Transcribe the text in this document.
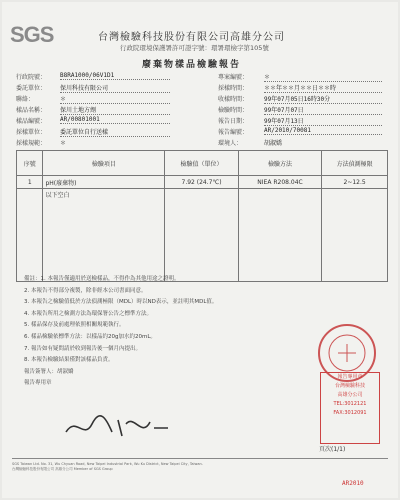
SGS	台灣檢驗科技股份有限公司高雄分公司
行政院環境保護署許可證字號：環署環檢字第105號
廢棄物樣品檢驗報告
行政院號： B8RA1000/06V1D1
委託單位： 保川科技有限公司
聯絡：	＊
樣品名稱： 保川土地方劑
樣品編號： AR/00801001
採樣單位： 委託單位自行送樣
採樣規範： ＊
專案編號：	＊
採樣時間：	＊＊年＊＊月＊＊日＊＊時
收樣時間：	99年07月05日16時30分
檢驗時間：	99年07月07日
報告日期：	99年07月13日
報告編號：	AR/2010/70081
環境人：	胡淑嬌
序號	檢驗項目	檢驗值（單位）	檢驗方法	方法偵測極限
1	pH(廢棄物)	7.92 (24.7℃)	NIEA R208.04C	2~12.5
	以下空白			
備註：1. 本報告僅適用於送檢樣品，不得作為其他用途之證明。
2. 本報告不得部分複製，除非經本公司書面同意。
3. 本報告之檢驗值低於方法偵測極限（MDL）時以ND表示，並註明其MDL值。
4. 本報告所用之檢測方法為環保署公告之標準方法。
5. 樣品保存及前處理依照相關規範執行。
6. 樣品檢驗依標準方法：以樣品約20g加水約20mL。
7. 報告如有疑問請於收到報告後一個月內提出。
8. 本報告檢驗結果僅對該樣品負責。
報告簽署人：胡淑嬌
報告專用章
報告專用章
台灣檢驗科技
高雄分公司
TEL:3012121
FAX:3012091
頁次(1/1)
SGS Taiwan Ltd. No. 31, Wu Chyuan Road, New Taipei Industrial Park, Wu Ku District, New Taipei City, Taiwan.
台灣檢驗科技股份有限公司 高雄分公司 Member of SGS Group
AR2010
